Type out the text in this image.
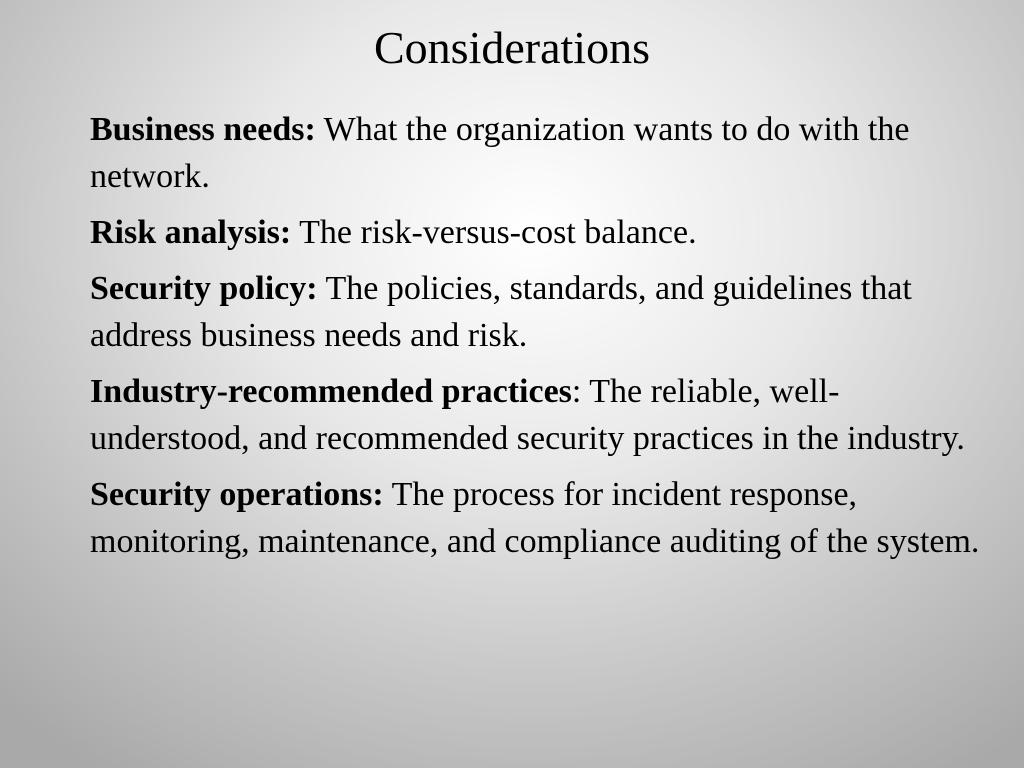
Considerations

Business needs: What the organization wants to do with the network.

Risk analysis: The risk-versus-cost balance.

Security policy: The policies, standards, and guidelines that address business needs and risk.

Industry-recommended practices: The reliable, well-understood, and recommended security practices in the industry.

Security operations: The process for incident response, monitoring, maintenance, and compliance auditing of the system.
